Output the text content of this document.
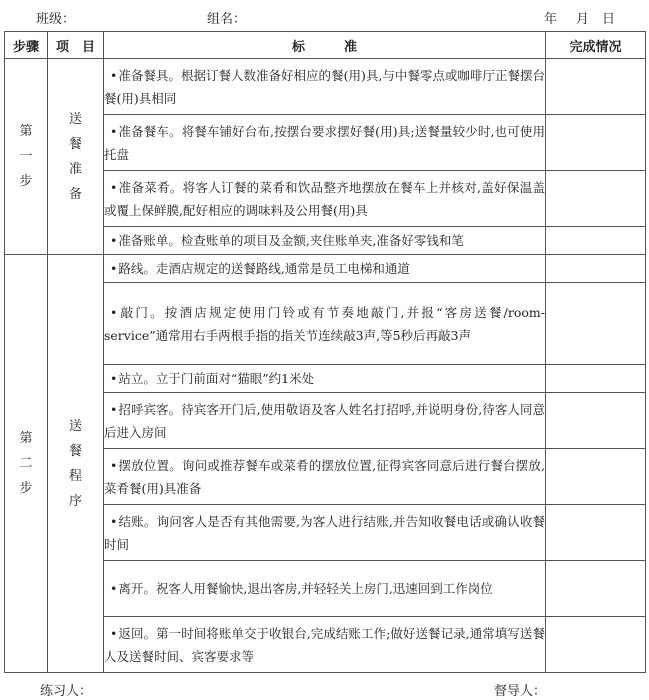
班级：	组名：	年 月 日
步骤	项　目	标　　　准	完成情况
第一步	送餐准备	•准备餐具。根据订餐人数准备好相应的餐(用)具,与中餐零点或咖啡厅正餐摆台餐(用)具相同	
		•准备餐车。将餐车铺好台布,按摆台要求摆好餐(用)具;送餐量较少时,也可使用托盘	
		•准备菜肴。将客人订餐的菜肴和饮品整齐地摆放在餐车上并核对,盖好保温盖或覆上保鲜膜,配好相应的调味料及公用餐(用)具	
		•准备账单。检查账单的项目及金额,夹住账单夹,准备好零钱和笔	
第二步	送餐程序	•路线。走酒店规定的送餐路线,通常是员工电梯和通道	
		•敲门。按酒店规定使用门铃或有节奏地敲门,并报“客房送餐/room-service”通常用右手两根手指的指关节连续敲3声,等5秒后再敲3声	
		•站立。立于门前面对“猫眼”约1米处	
		•招呼宾客。待宾客开门后,使用敬语及客人姓名打招呼,并说明身份,待客人同意后进入房间	
		•摆放位置。询问或推荐餐车或菜肴的摆放位置,征得宾客同意后进行餐台摆放,菜肴餐(用)具准备	
		•结账。询问客人是否有其他需要,为客人进行结账,并告知收餐电话或确认收餐时间	
		•离开。祝客人用餐愉快,退出客房,并轻轻关上房门,迅速回到工作岗位	
		•返回。第一时间将账单交于收银台,完成结账工作;做好送餐记录,通常填写送餐人及送餐时间、宾客要求等	
练习人：	督导人：
